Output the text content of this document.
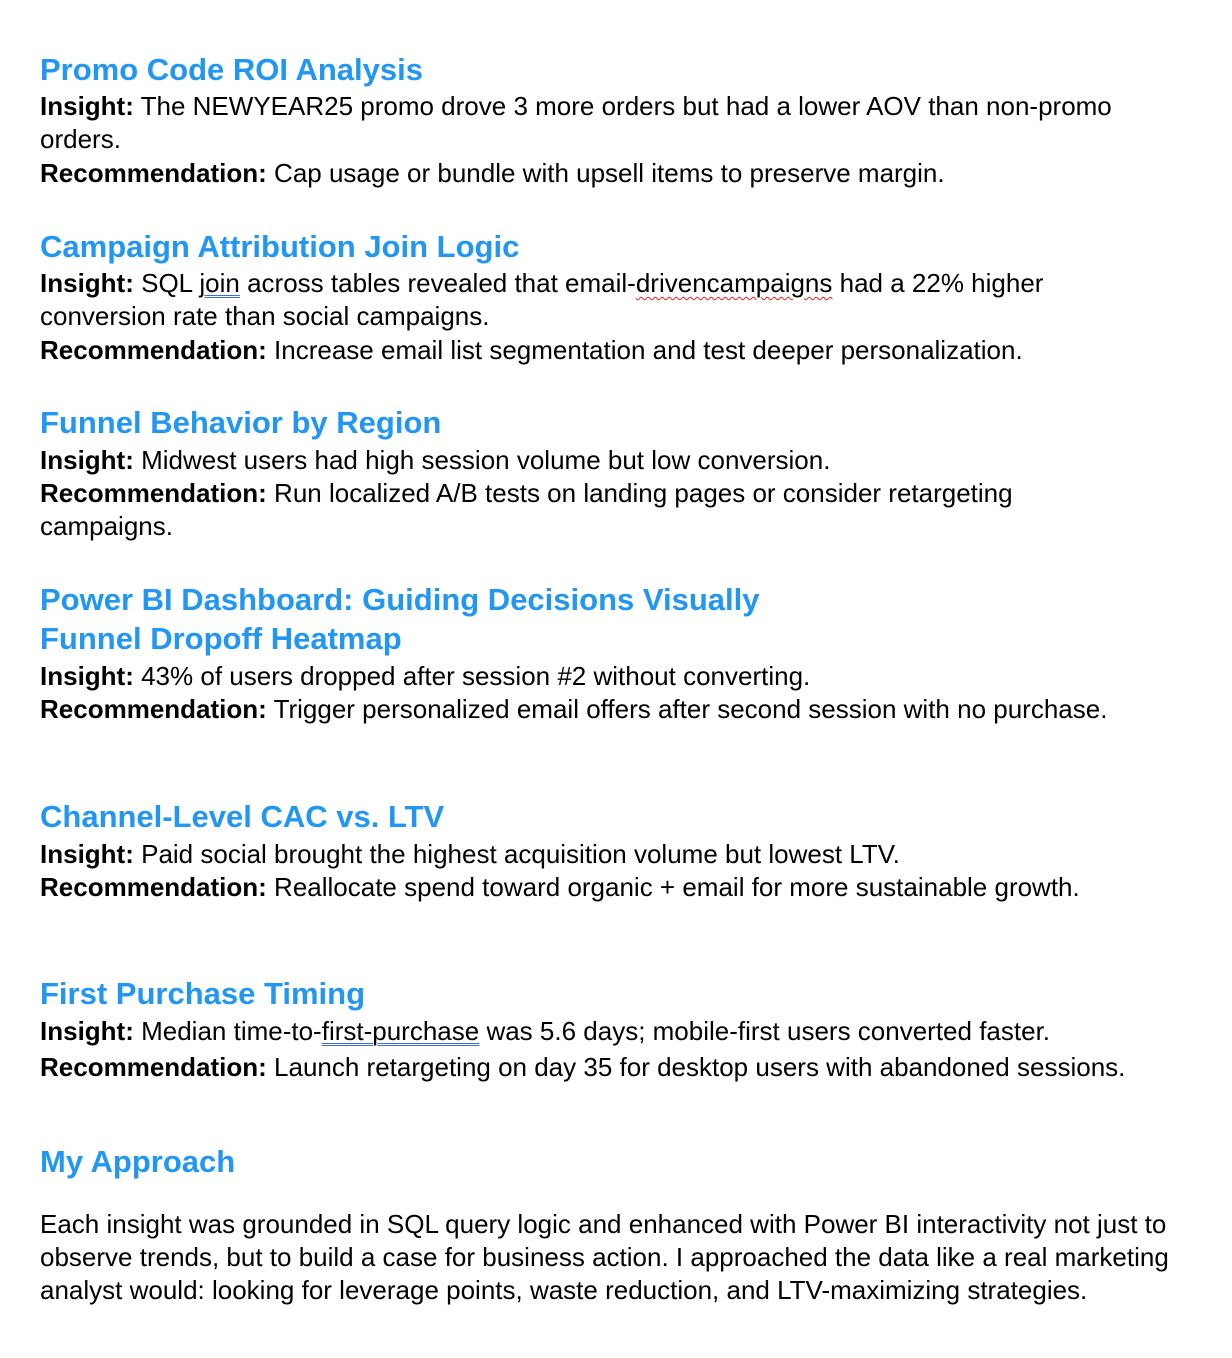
Promo Code ROI Analysis

Insight: The NEWYEAR25 promo drove 3 more orders but had a lower AOV than non-​promo orders.

Recommendation: Cap usage or bundle with upsell items to preserve margin.

Campaign Attribution Join Logic

Insight: SQL join across tables revealed that email-drivencampaigns had a 22% higher conversion rate than social campaigns.

Recommendation: Increase email list segmentation and test deeper personalization.

Funnel Behavior by Region

Insight: Midwest users had high session volume but low conversion.

Recommendation: Run localized A/B tests on landing pages or consider retargeting campaigns.

Power BI Dashboard: Guiding Decisions Visually
Funnel Dropoff Heatmap

Insight: 43% of users dropped after session #2 without converting.

Recommendation: Trigger personalized email offers after second session with no purchase.

Channel-Level CAC vs. LTV

Insight: Paid social brought the highest acquisition volume but lowest LTV.

Recommendation: Reallocate spend toward organic + email for more sustainable growth.

First Purchase Timing

Insight: Median time-to-first-purchase was 5.6 days; mobile-first users converted faster.

Recommendation: Launch retargeting on day 35 for desktop users with abandoned sessions.

My Approach

Each insight was grounded in SQL query logic and enhanced with Power BI interactivity not just to observe trends, but to build a case for business action. I approached the data like a real marketing analyst would: looking for leverage points, waste reduction, and LTV-maximizing strategies.
